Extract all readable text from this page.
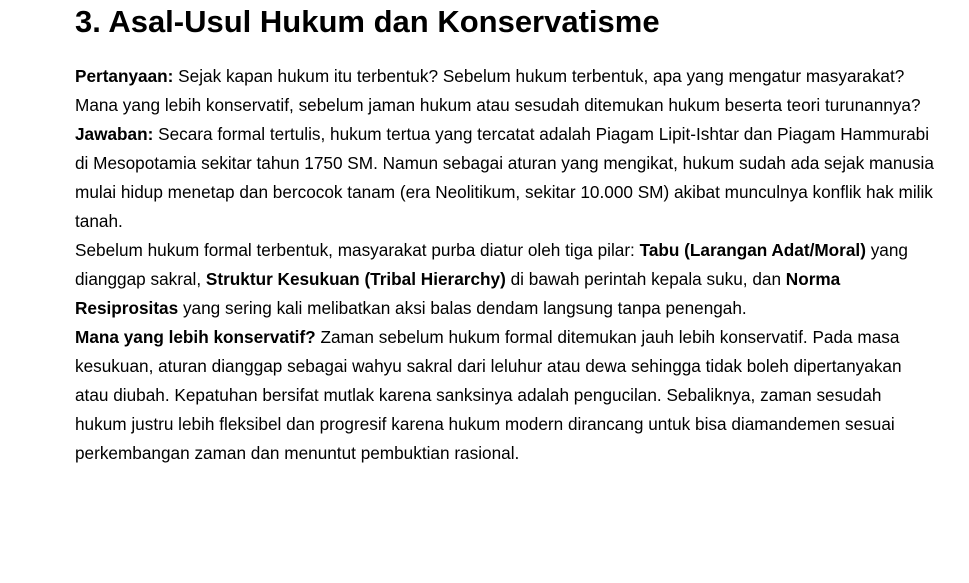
3. Asal-Usul Hukum dan Konservatisme

Pertanyaan: Sejak kapan hukum itu terbentuk? Sebelum hukum terbentuk, apa yang mengatur masyarakat? Mana yang lebih konservatif, sebelum jaman hukum atau sesudah ditemukan hukum beserta teori turunannya?

Jawaban: Secara formal tertulis, hukum tertua yang tercatat adalah Piagam Lipit-Ishtar dan Piagam Hammurabi di Mesopotamia sekitar tahun 1750 SM. Namun sebagai aturan yang mengikat, hukum sudah ada sejak manusia mulai hidup menetap dan bercocok tanam (era Neolitikum, sekitar 10.000 SM) akibat munculnya konflik hak milik tanah.

Sebelum hukum formal terbentuk, masyarakat purba diatur oleh tiga pilar: Tabu (Larangan Adat/Moral) yang dianggap sakral, Struktur Kesukuan (Tribal Hierarchy) di bawah perintah kepala suku, dan Norma Resiprositas yang sering kali melibatkan aksi balas dendam langsung tanpa penengah.

Mana yang lebih konservatif? Zaman sebelum hukum formal ditemukan jauh lebih konservatif. Pada masa kesukuan, aturan dianggap sebagai wahyu sakral dari leluhur atau dewa sehingga tidak boleh dipertanyakan atau diubah. Kepatuhan bersifat mutlak karena sanksinya adalah pengucilan. Sebaliknya, zaman sesudah hukum justru lebih fleksibel dan progresif karena hukum modern dirancang untuk bisa diamandemen sesuai perkembangan zaman dan menuntut pembuktian rasional.
